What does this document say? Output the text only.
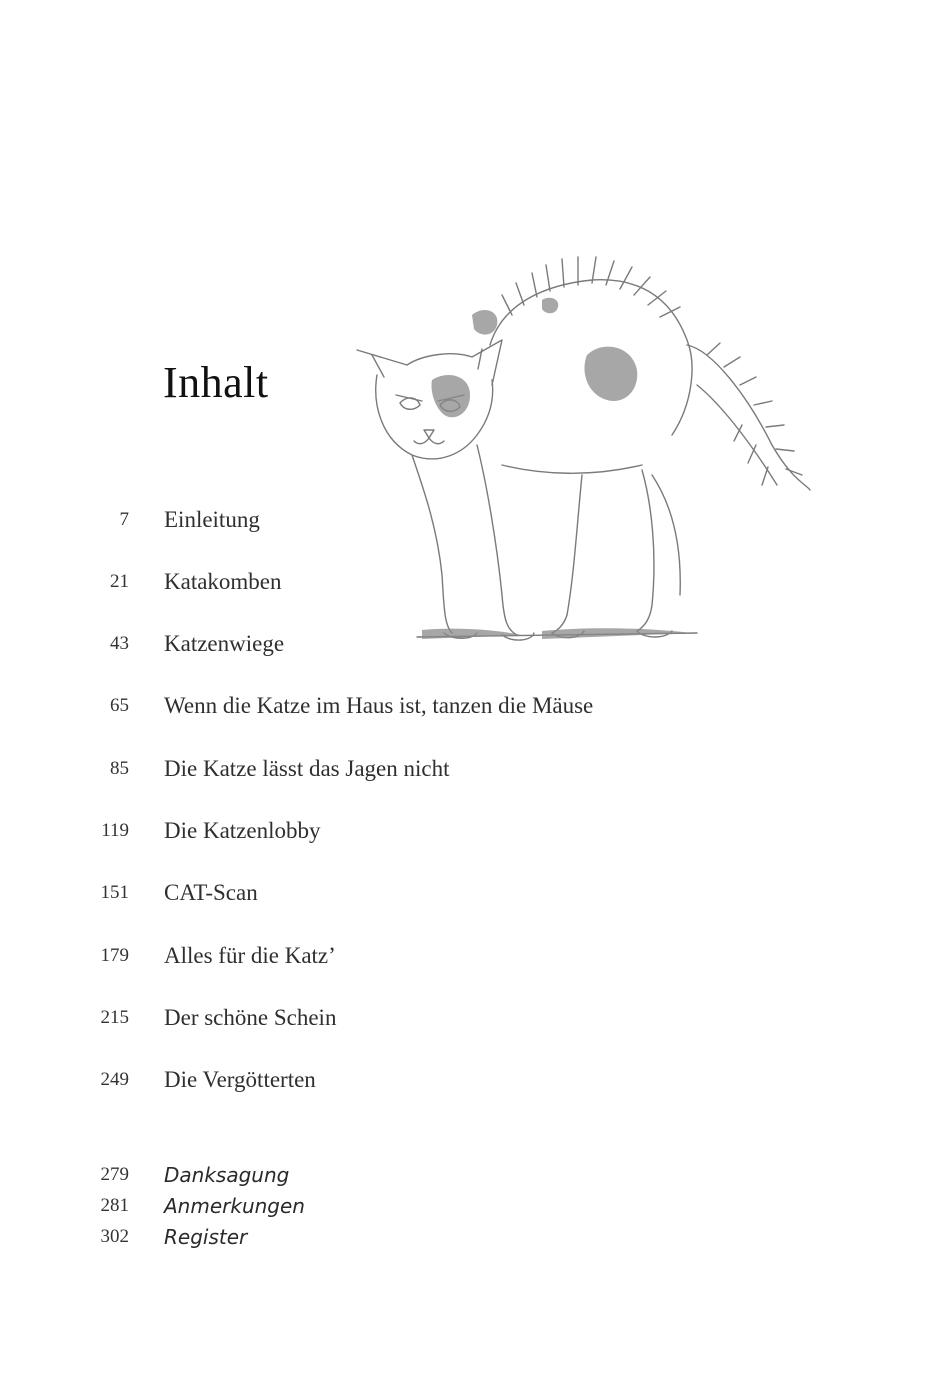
Inhalt
7 Einleitung
21 Katakomben
43 Katzenwiege
65 Wenn die Katze im Haus ist, tanzen die Mäuse
85 Die Katze lässt das Jagen nicht
119 Die Katzenlobby
151 CAT-Scan
179 Alles für die Katz’
215 Der schöne Schein
249 Die Vergötterten
279 Danksagung
281 Anmerkungen
302 Register
